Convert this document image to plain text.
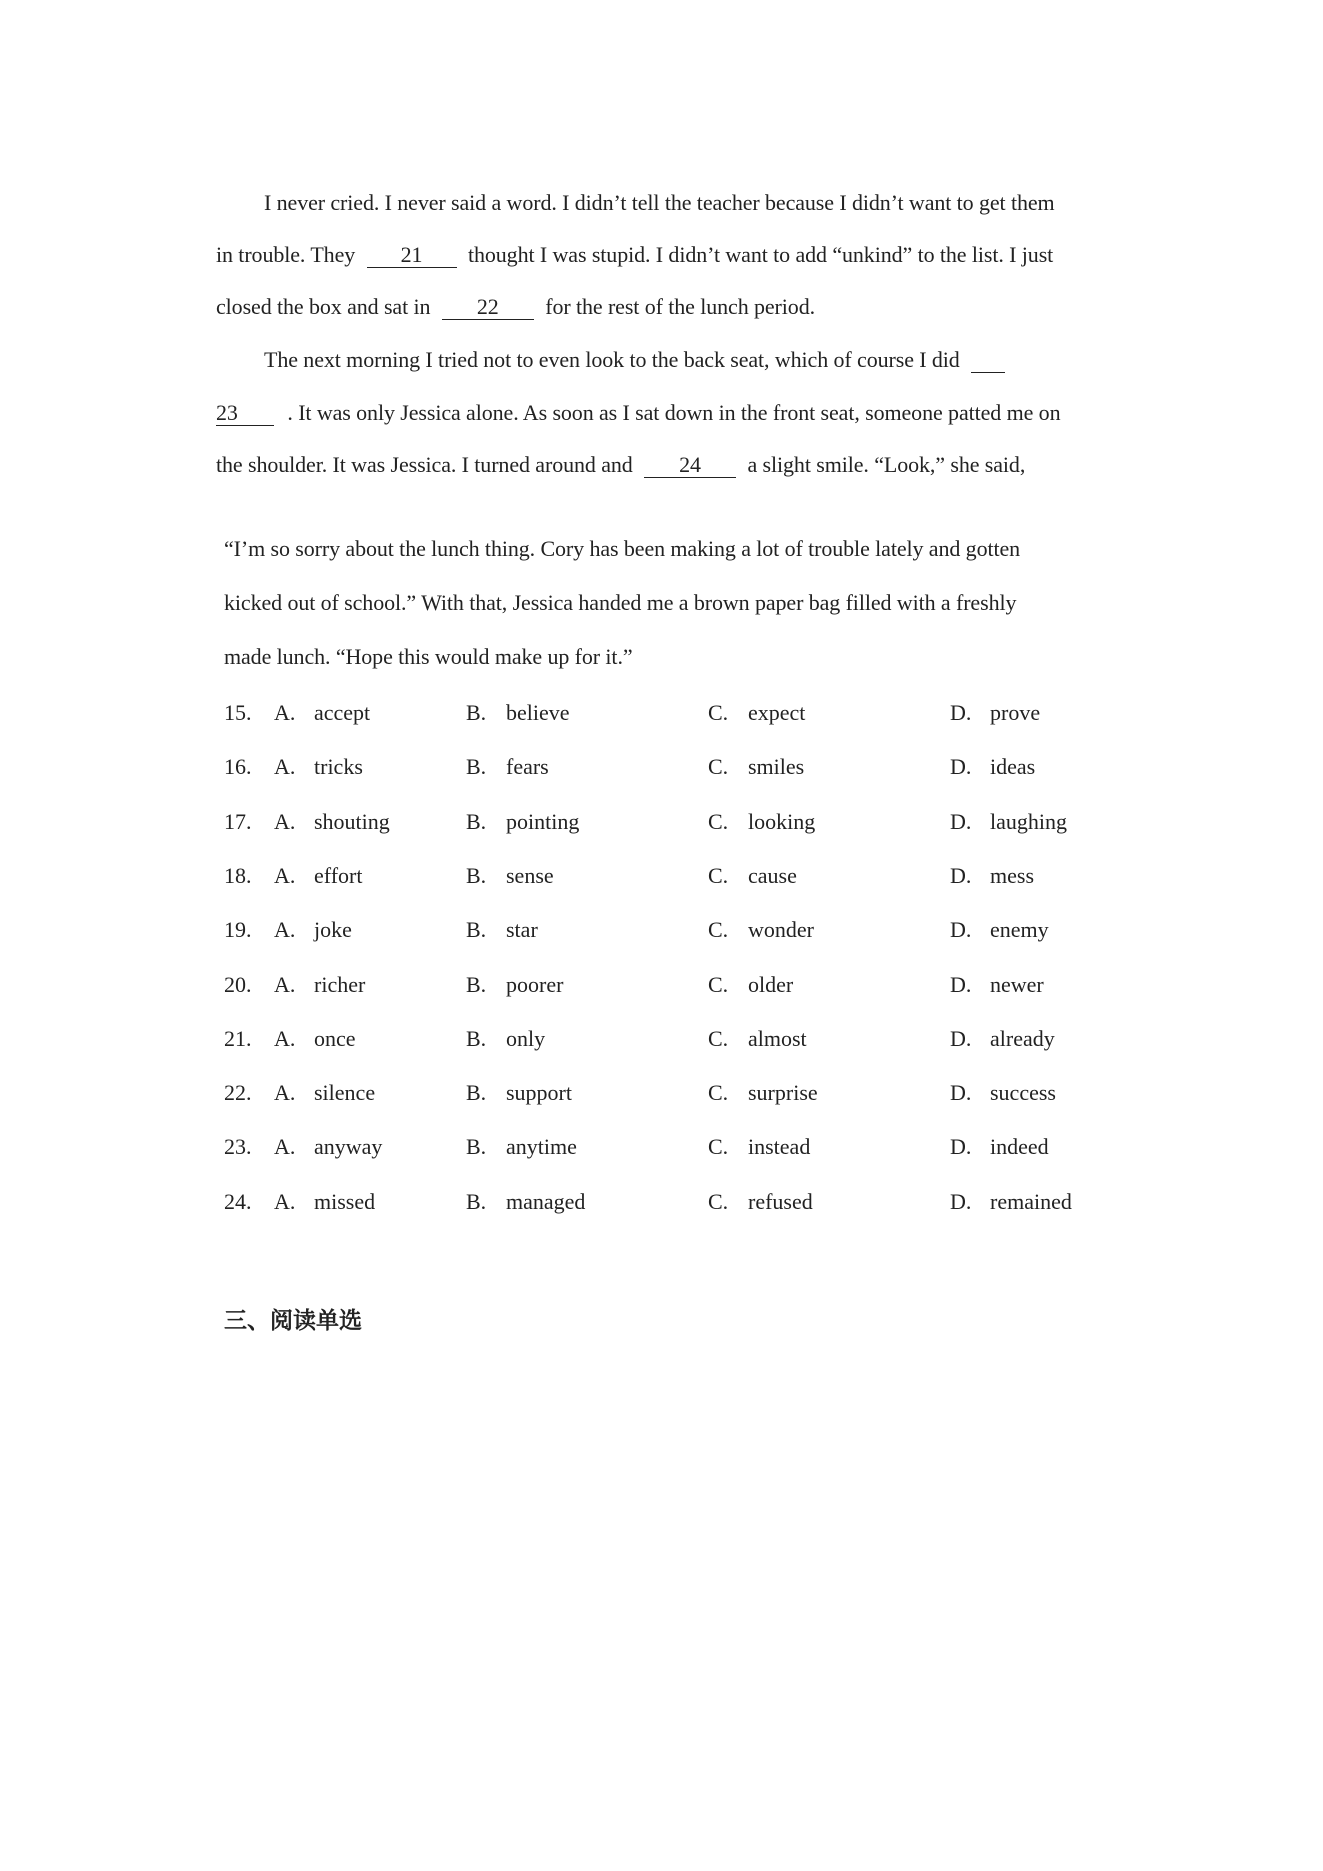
I never cried. I never said a word. I didn’t tell the teacher because I didn’t want to get them
in trouble. They 21 thought I was stupid. I didn’t want to add “unkind” to the list. I just
closed the box and sat in 22 for the rest of the lunch period.
The next morning I tried not to even look to the back seat, which of course I did
23 . It was only Jessica alone. As soon as I sat down in the front seat, someone patted me on
the shoulder. It was Jessica. I turned around and 24 a slight smile. “Look,” she said,
“I’m so sorry about the lunch thing. Cory has been making a lot of trouble lately and gotten
kicked out of school.” With that, Jessica handed me a brown paper bag filled with a freshly
made lunch. “Hope this would make up for it.”
15. A. accept	B. believe	C. expect	D. prove
16. A. tricks	B. fears	C. smiles	D. ideas
17. A. shouting	B. pointing	C. looking	D. laughing
18. A. effort	B. sense	C. cause	D. mess
19. A. joke	B. star	C. wonder	D. enemy
20. A. richer	B. poorer	C. older	D. newer
21. A. once	B. only	C. almost	D. already
22. A. silence	B. support	C. surprise	D. success
23. A. anyway	B. anytime	C. instead	D. indeed
24. A. missed	B. managed	C. refused	D. remained
三、阅读单选
